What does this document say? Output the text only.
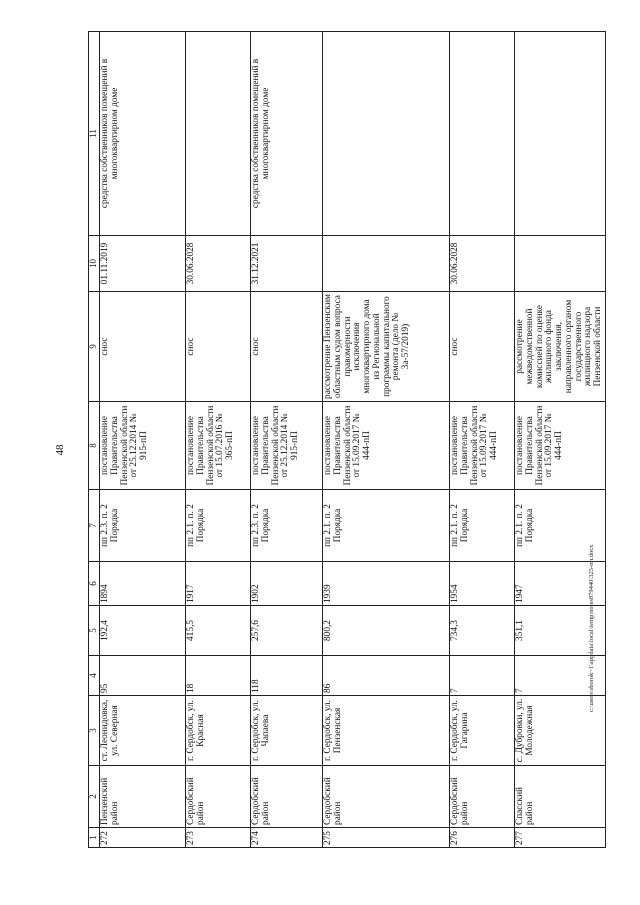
48
c:\users\sborok~1\appdata\local\temp\notes879440\325-пп.docx
1	2	3	4	5	6	7	8	9	10	11
272	Пензенский район	ст. Леонидовка, ул. Северная	95	192,4	1894	пп 2.3. п. 2 Порядка	постановление Правительства Пензенской области от 25.12.2014 № 915-пП	снос	01.11.2019	средства собственников помещений в многоквартирном доме
273	Сердобский район	г. Сердобск, ул. Красная	18	415,5	1917	пп 2.1. п. 2 Порядка	постановление Правительства Пензенской области от 15.07.2016 № 365-пП	снос	30.06.2028	
274	Сердобский район	г. Сердобск, ул. Чапаева	118	257,6	1902	пп 2.3. п. 2 Порядка	постановление Правительства Пензенской области от 25.12.2014 № 915-пП	снос	31.12.2021	средства собственников помещений в многоквартирном доме
275	Сердобский район	г. Сердобск, ул. Пензенская	86	800,2	1939	пп 2.1. п. 2 Порядка	постановление Правительства Пензенской области от 15.09.2017 № 444-пП	рассмотрение Пензенским областным судом вопроса правомерности исключения многоквартирного дома из Региональной программы капитального ремонта (дело № 3а-57/2019)		
276	Сердобский район	г. Сердобск, ул. Гагарина	7	734,3	1954	пп 2.1. п. 2 Порядка	постановление Правительства Пензенской области от 15.09.2017 № 444-пП	снос	30.06.2028	
277	Спасский район	с. Дубровки, ул. Молодежная	7	351,1	1947	пп 2.1. п. 2 Порядка	постановление Правительства Пензенской области от 15.09.2017 № 444-пП	рассмотрение межведомственной комиссией по оценке жилищного фонда заключения, направленного органом государственного жилищного надзора Пензенской области		
